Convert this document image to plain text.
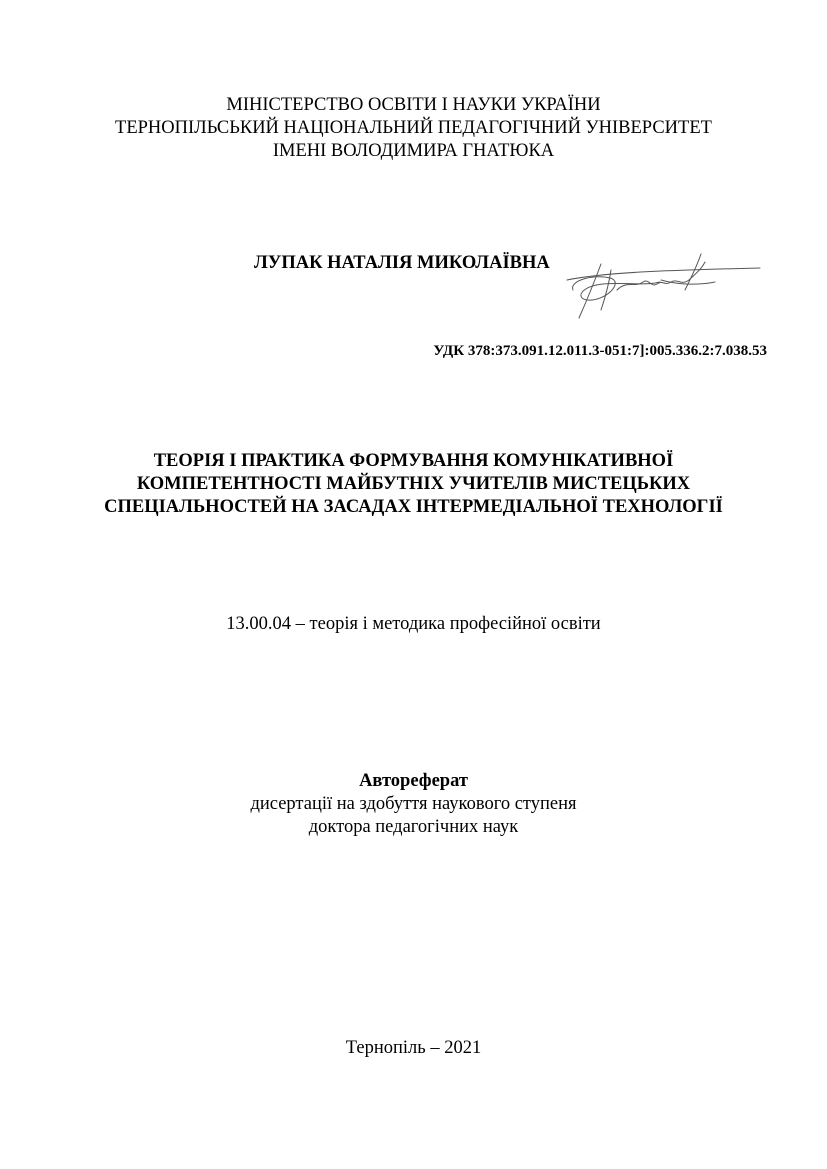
МІНІСТЕРСТВО ОСВІТИ І НАУКИ УКРАЇНИ
ТЕРНОПІЛЬСЬКИЙ НАЦІОНАЛЬНИЙ ПЕДАГОГІЧНИЙ УНІВЕРСИТЕТ
ІМЕНІ ВОЛОДИМИРА ГНАТЮКА
ЛУПАК НАТАЛІЯ МИКОЛАЇВНА
УДК 378:373.091.12.011.3-051:7]:005.336.2:7.038.53
ТЕОРІЯ І ПРАКТИКА ФОРМУВАННЯ КОМУНІКАТИВНОЇ
КОМПЕТЕНТНОСТІ МАЙБУТНІХ УЧИТЕЛІВ МИСТЕЦЬКИХ
СПЕЦІАЛЬНОСТЕЙ НА ЗАСАДАХ ІНТЕРМЕДІАЛЬНОЇ ТЕХНОЛОГІЇ
13.00.04 – теорія і методика професійної освіти
Автореферат
дисертації на здобуття наукового ступеня
доктора педагогічних наук
Тернопіль – 2021
